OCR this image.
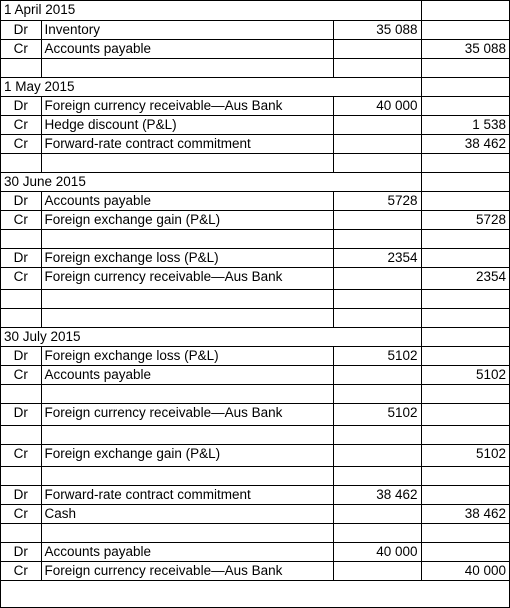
1 April 2015			
Dr	Inventory	35 088	
Cr	Accounts payable		35 088

1 May 2015			
Dr	Foreign currency receivable—Aus Bank	40 000	
Cr	Hedge discount (P&L)		1 538
Cr	Forward-rate contract commitment		38 462

30 June 2015			
Dr	Accounts payable	5728	
Cr	Foreign exchange gain (P&L)		5728

Dr	Foreign exchange loss (P&L)	2354	
Cr	Foreign currency receivable—Aus Bank		2354

30 July 2015			
Dr	Foreign exchange loss (P&L)	5102	
Cr	Accounts payable		5102

Dr	Foreign currency receivable—Aus Bank	5102	

Cr	Foreign exchange gain (P&L)		5102

Dr	Forward-rate contract commitment	38 462	
Cr	Cash		38 462

Dr	Accounts payable	40 000	
Cr	Foreign currency receivable—Aus Bank		40 000
